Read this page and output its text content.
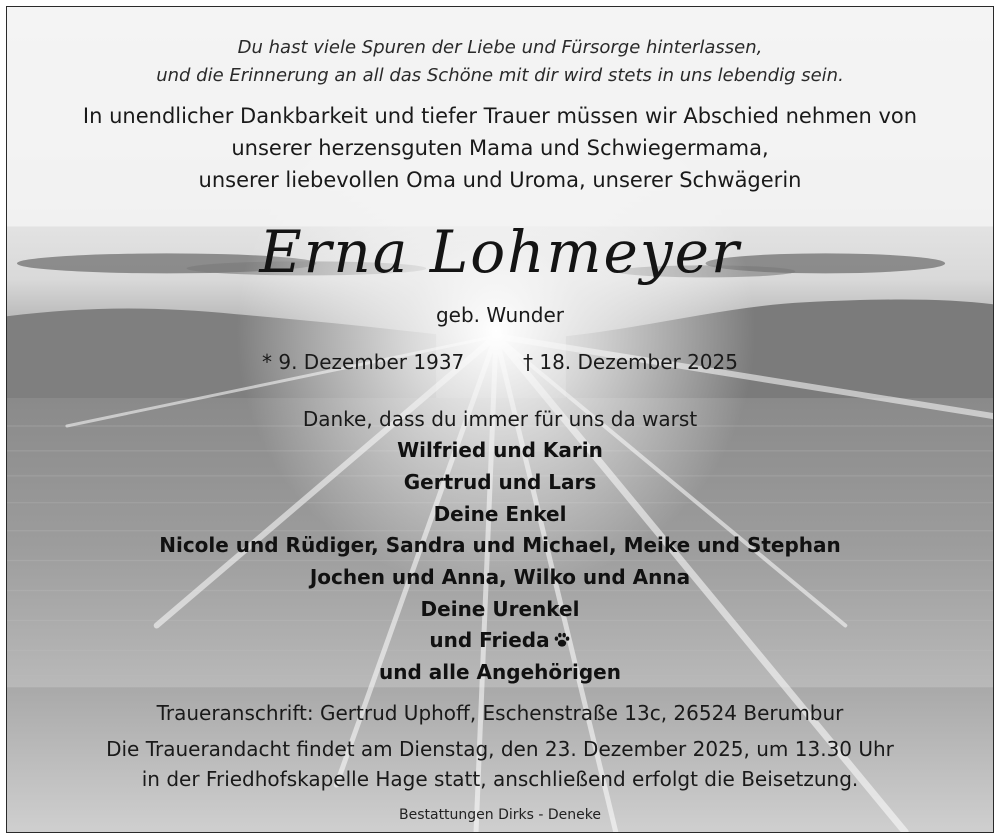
Du hast viele Spuren der Liebe und Fürsorge hinterlassen,
und die Erinnerung an all das Schöne mit dir wird stets in uns lebendig sein.
In unendlicher Dankbarkeit und tiefer Trauer müssen wir Abschied nehmen von
unserer herzensguten Mama und Schwiegermama,
unserer liebevollen Oma und Uroma, unserer Schwägerin
Erna Lohmeyer
geb. Wunder
* 9. Dezember 1937	† 18. Dezember 2025
Danke, dass du immer für uns da warst
Wilfried und Karin
Gertrud und Lars
Deine Enkel
Nicole und Rüdiger, Sandra und Michael, Meike und Stephan
Jochen und Anna, Wilko und Anna
Deine Urenkel
und Frieda
und alle Angehörigen
Traueranschrift: Gertrud Uphoff, Eschenstraße 13c, 26524 Berumbur
Die Trauerandacht findet am Dienstag, den 23. Dezember 2025, um 13.30 Uhr
in der Friedhofskapelle Hage statt, anschließend erfolgt die Beisetzung.
Bestattungen Dirks - Deneke
